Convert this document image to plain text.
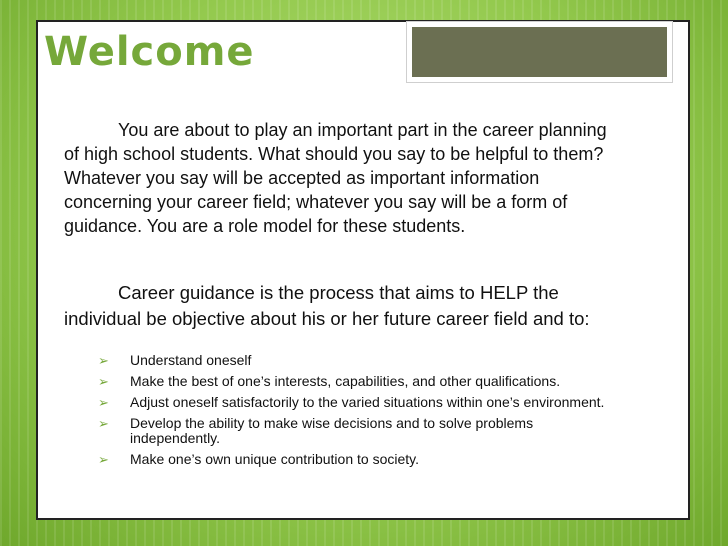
Welcome

You are about to play an important part in the career planning of high school students. What should you say to be helpful to them? Whatever you say will be accepted as important information concerning your career field; whatever you say will be a form of guidance. You are a role model for these students.

Career guidance is the process that aims to HELP the individual be objective about his or her future career field and to:

➢ Understand oneself
➢ Make the best of one’s interests, capabilities, and other qualifications.
➢ Adjust oneself satisfactorily to the varied situations within one’s environment.
➢ Develop the ability to make wise decisions and to solve problems independently.
➢ Make one’s own unique contribution to society.
